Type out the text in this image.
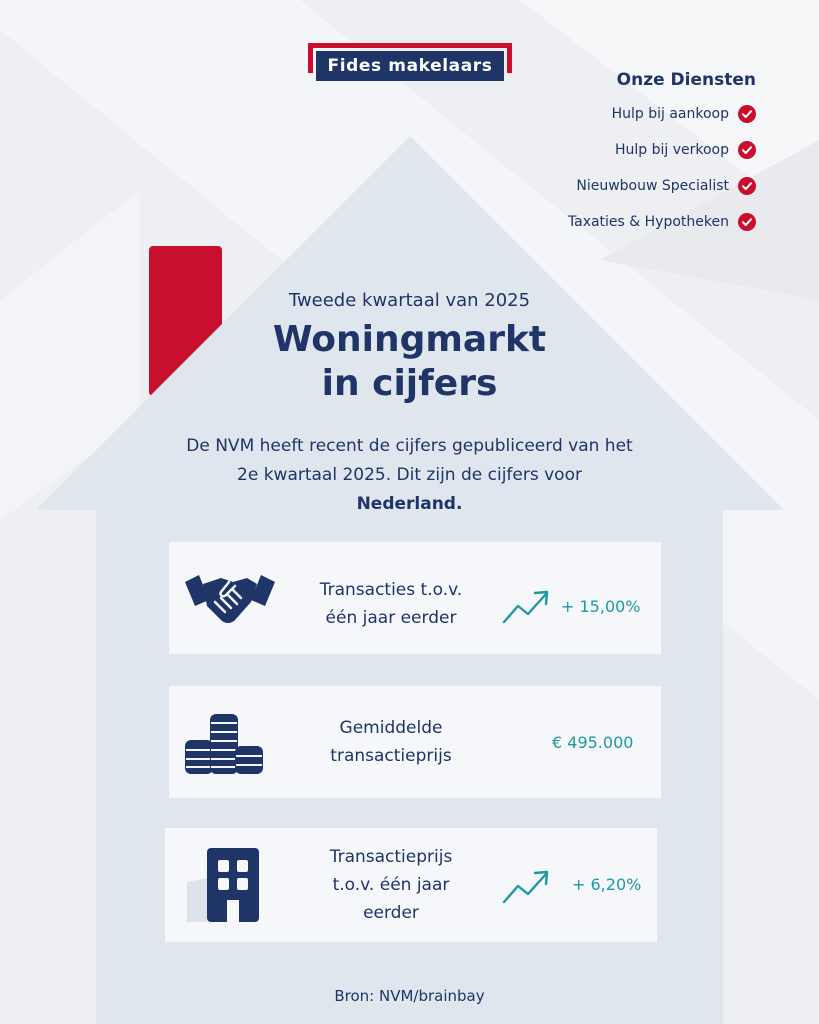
Fides makelaars
Onze Diensten
Hulp bij aankoop
Hulp bij verkoop
Nieuwbouw Specialist
Taxaties & Hypotheken
Tweede kwartaal van 2025
Woningmarkt
in cijfers
De NVM heeft recent de cijfers gepubliceerd van het
2e kwartaal 2025. Dit zijn de cijfers voor
Nederland.
Transacties t.o.v.
één jaar eerder
+ 15,00%
Gemiddelde
transactieprijs
€ 495.000
Transactieprijs
t.o.v. één jaar
eerder
+ 6,20%
Bron: NVM/brainbay
